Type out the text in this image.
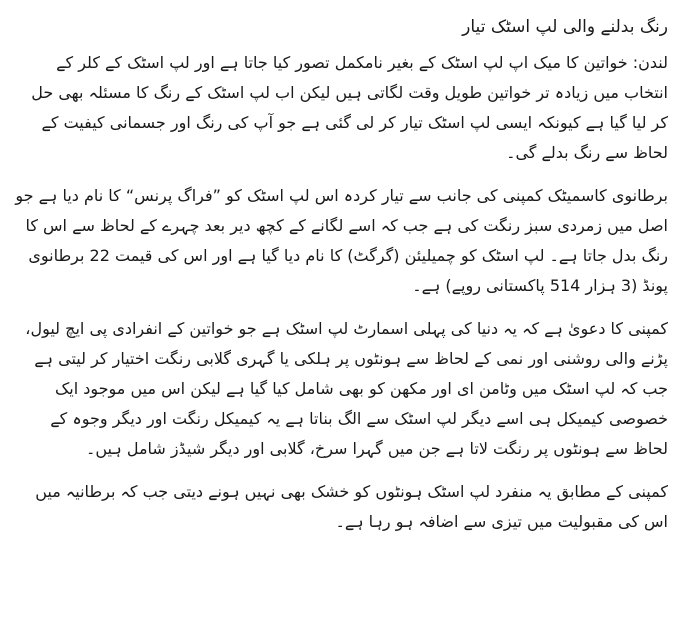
رنگ بدلنے والی لپ اسٹک تیار

لندن: خواتین کا میک اپ لپ اسٹک کے بغیر نامکمل تصور کیا جاتا ہے اور لپ اسٹک کے کلر کے انتخاب میں زیادہ تر خواتین طویل وقت لگاتی ہیں لیکن اب لپ اسٹک کے رنگ کا مسئلہ بھی حل کر لیا گیا ہے کیونکہ ایسی لپ اسٹک تیار کر لی گئی ہے جو آپ کی رنگ اور جسمانی کیفیت کے لحاظ سے رنگ بدلے گی۔

برطانوی کاسمیٹک کمپنی کی جانب سے تیار کردہ اس لپ اسٹک کو ”فراگ پرنس“ کا نام دیا ہے جو اصل میں زمردی سبز رنگت کی ہے جب کہ اسے لگانے کے کچھ دیر بعد چہرے کے لحاظ سے اس کا رنگ بدل جاتا ہے۔ لپ اسٹک کو چمیلیئن (گرگٹ) کا نام دیا گیا ہے اور اس کی قیمت 22 برطانوی پونڈ (3 ہزار 514 پاکستانی روپے) ہے۔

کمپنی کا دعویٰ ہے کہ یہ دنیا کی پہلی اسمارٹ لپ اسٹک ہے جو خواتین کے انفرادی پی ایچ لیول، پڑنے والی روشنی اور نمی کے لحاظ سے ہونٹوں پر ہلکی یا گہری گلابی رنگت اختیار کر لیتی ہے جب کہ لپ اسٹک میں وٹامن ای اور مکھن کو بھی شامل کیا گیا ہے لیکن اس میں موجود ایک خصوصی کیمیکل ہی اسے دیگر لپ اسٹک سے الگ بناتا ہے یہ کیمیکل رنگت اور دیگر وجوہ کے لحاظ سے ہونٹوں پر رنگت لاتا ہے جن میں گہرا سرخ، گلابی اور دیگر شیڈز شامل ہیں۔

کمپنی کے مطابق یہ منفرد لپ اسٹک ہونٹوں کو خشک بھی نہیں ہونے دیتی جب کہ برطانیہ میں اس کی مقبولیت میں تیزی سے اضافہ ہو رہا ہے۔
